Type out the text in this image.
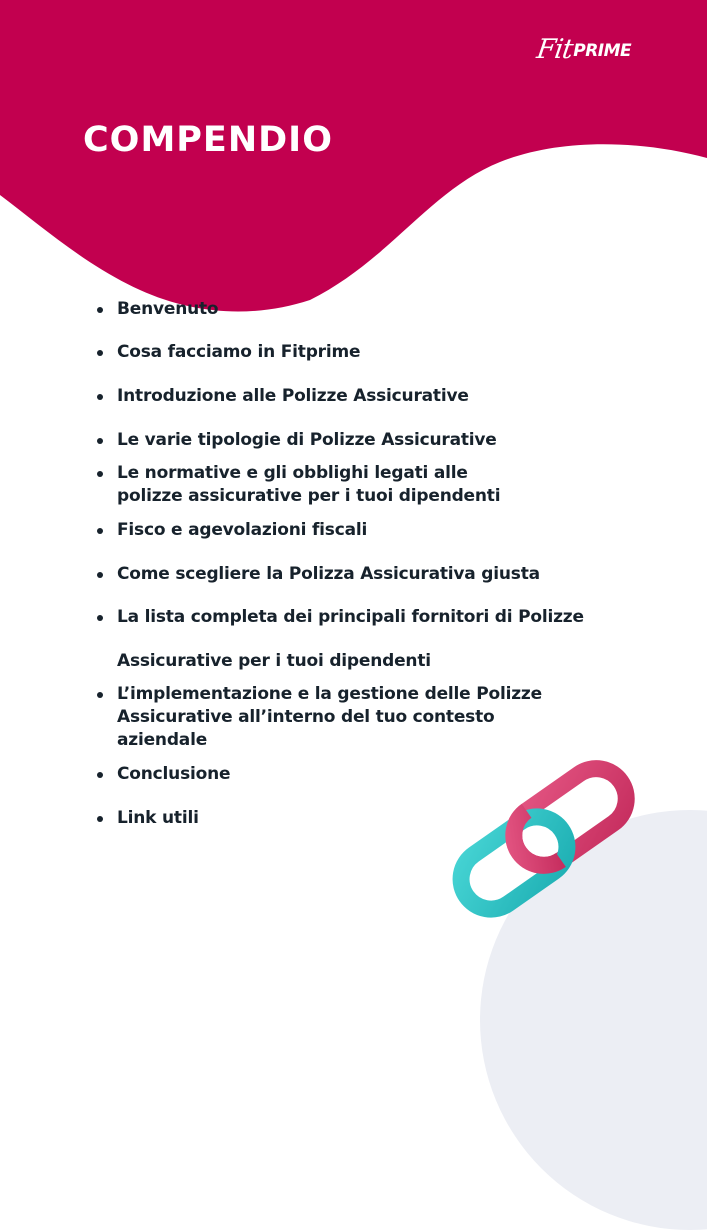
Fit
PRIME
COMPENDIO
Benvenuto
Cosa facciamo in Fitprime
Introduzione alle Polizze Assicurative
Le varie tipologie di Polizze Assicurative
Le normative e gli obblighi legati alle polizze assicurative per i tuoi dipendenti
Fisco e agevolazioni fiscali
Come scegliere la Polizza Assicurativa giusta
La lista completa dei principali fornitori di Polizze
Assicurative per i tuoi dipendenti
L’implementazione e la gestione delle Polizze Assicurative all’interno del tuo contesto aziendale
Conclusione
Link utili
